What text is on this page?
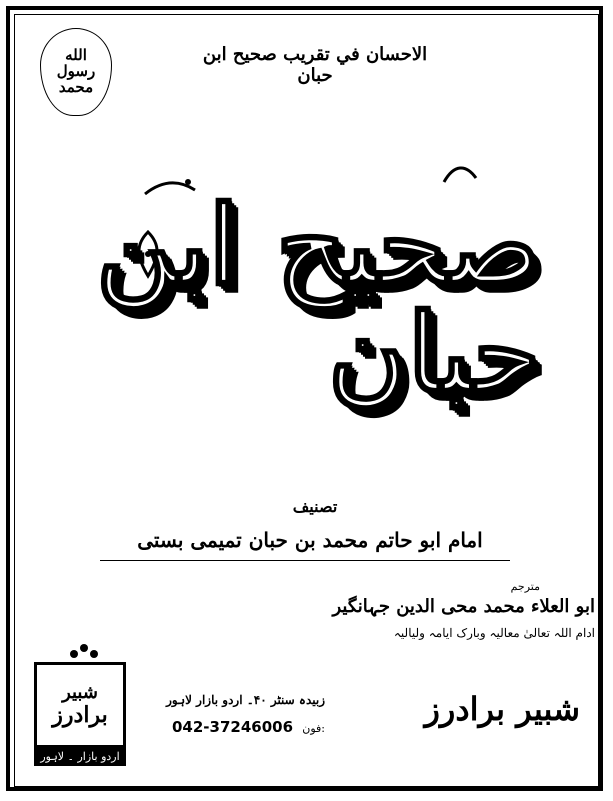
الله
رسول
محمد
الاحسان في تقريب صحيح ابن حبان
صحيح ابن حبان
تصنيف
امام ابو حاتم محمد بن حبان تمیمی بستی
مترجم
ابو العلاء محمد محی الدین جہانگیر
ادام اللہ تعالیٰ معالیہ وبارک ایامہ ولیالیہ
شبیر
برادرز
اردو بازار ۔ لاہور
شبیر برادرز
زبیدہ سنٹر ۴۰۔ اردو بازار لاہور
042-37246006 فون:
